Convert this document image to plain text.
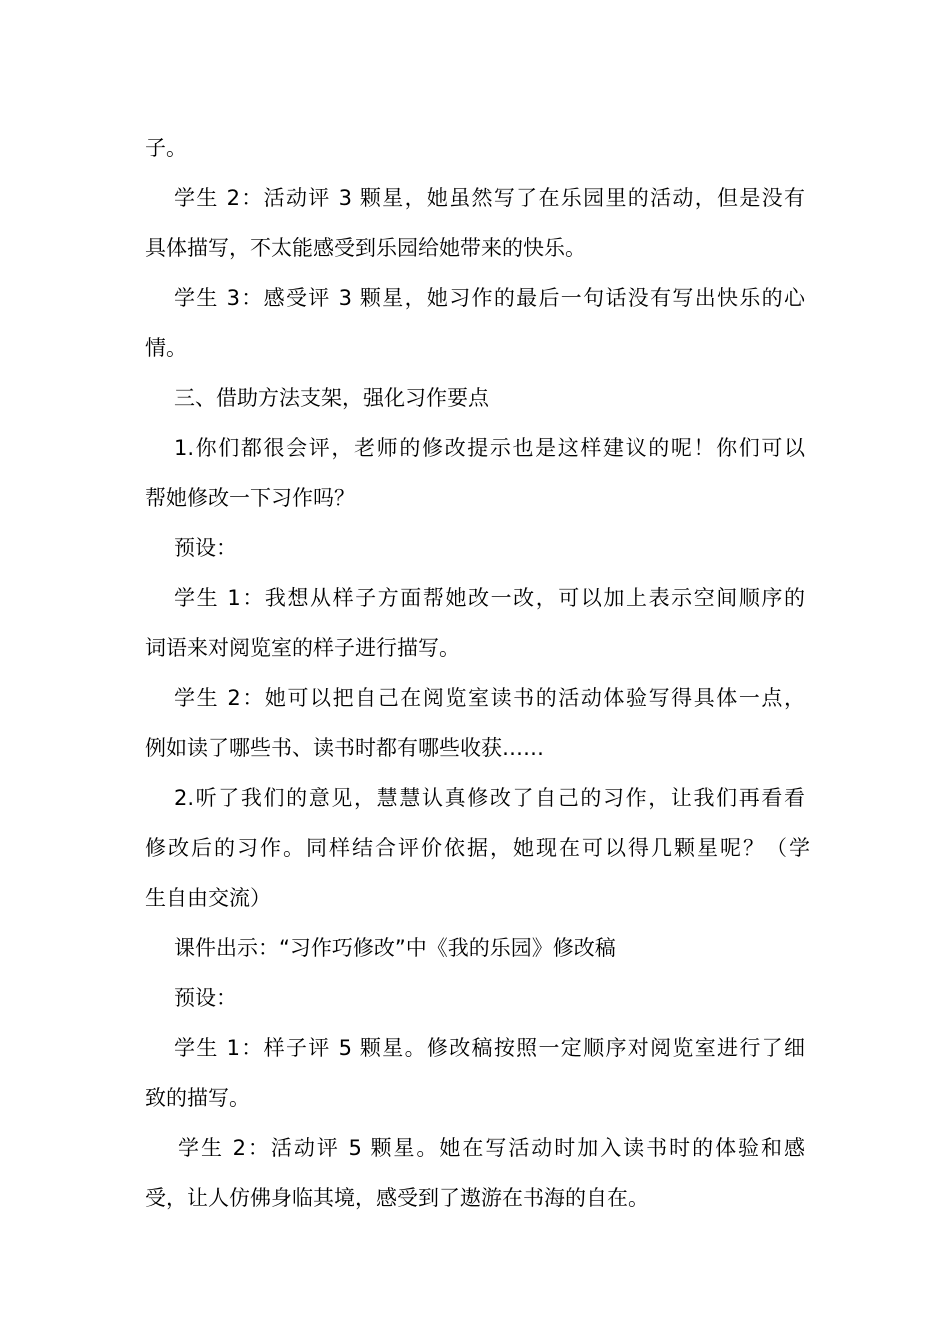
子。
学生 2：活动评 3 颗星，她虽然写了在乐园里的活动，但是没有
具体描写，不太能感受到乐园给她带来的快乐。
学生 3：感受评 3 颗星，她习作的最后一句话没有写出快乐的心
情。
三、借助方法支架，强化习作要点
1.你们都很会评，老师的修改提示也是这样建议的呢！你们可以
帮她修改一下习作吗？
预设：
学生 1：我想从样子方面帮她改一改，可以加上表示空间顺序的
词语来对阅览室的样子进行描写。
学生 2：她可以把自己在阅览室读书的活动体验写得具体一点，
例如读了哪些书、读书时都有哪些收获……
2.听了我们的意见，慧慧认真修改了自己的习作，让我们再看看
修改后的习作。同样结合评价依据，她现在可以得几颗星呢？（学
生自由交流）
课件出示：“习作巧修改”中《我的乐园》修改稿
预设：
学生 1：样子评 5 颗星。修改稿按照一定顺序对阅览室进行了细
致的描写。
学生 2：活动评 5 颗星。她在写活动时加入读书时的体验和感
受，让人仿佛身临其境，感受到了遨游在书海的自在。
